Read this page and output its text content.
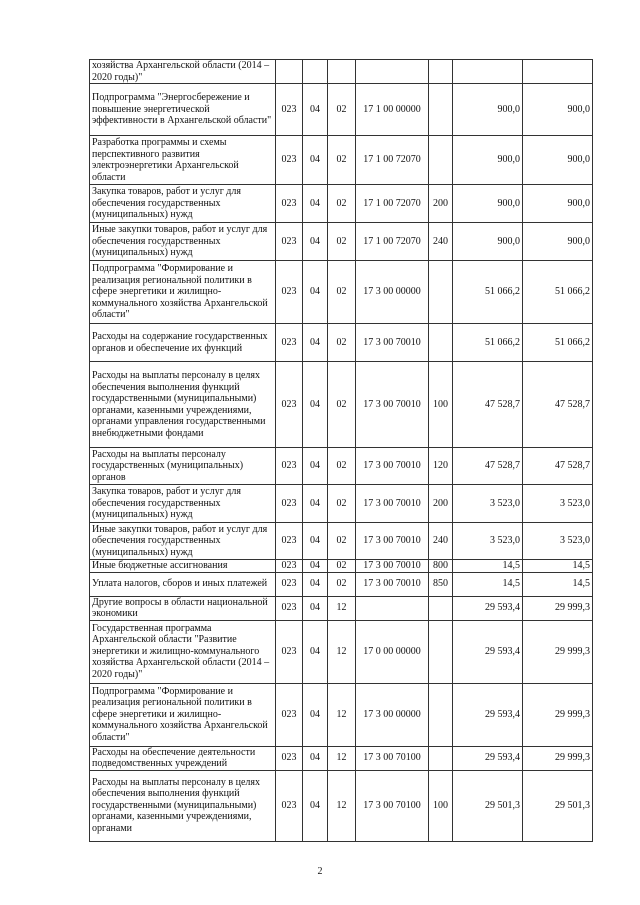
хозяйства Архангельской области (2014 – 2020 годы)"							
Подпрограмма "Энергосбережение и повышение энергетической эффективности в Архангельской области"	023	04	02	17 1 00 00000		900,0	900,0
Разработка программы и схемы перспективного развития электроэнергетики Архангельской области	023	04	02	17 1 00 72070		900,0	900,0
Закупка товаров, работ и услуг для обеспечения государственных (муниципальных) нужд	023	04	02	17 1 00 72070	200	900,0	900,0
Иные закупки товаров, работ и услуг для обеспечения государственных (муниципальных) нужд	023	04	02	17 1 00 72070	240	900,0	900,0
Подпрограмма "Формирование и реализация региональной политики в сфере энергетики и жилищно-коммунального хозяйства Архангельской области"	023	04	02	17 3 00 00000		51 066,2	51 066,2
Расходы на содержание государственных органов и обеспечение их функций	023	04	02	17 3 00 70010		51 066,2	51 066,2
Расходы на выплаты персоналу в целях обеспечения выполнения функций государственными (муниципальными) органами, казенными учреждениями, органами управления государственными внебюджетными фондами	023	04	02	17 3 00 70010	100	47 528,7	47 528,7
Расходы на выплаты персоналу государственных (муниципальных) органов	023	04	02	17 3 00 70010	120	47 528,7	47 528,7
Закупка товаров, работ и услуг для обеспечения государственных (муниципальных) нужд	023	04	02	17 3 00 70010	200	3 523,0	3 523,0
Иные закупки товаров, работ и услуг для обеспечения государственных (муниципальных) нужд	023	04	02	17 3 00 70010	240	3 523,0	3 523,0
Иные бюджетные ассигнования	023	04	02	17 3 00 70010	800	14,5	14,5
Уплата налогов, сборов и иных платежей	023	04	02	17 3 00 70010	850	14,5	14,5
Другие вопросы в области национальной экономики	023	04	12			29 593,4	29 999,3
Государственная программа Архангельской области "Развитие энергетики и жилищно-коммунального хозяйства Архангельской области (2014 – 2020 годы)"	023	04	12	17 0 00 00000		29 593,4	29 999,3
Подпрограмма "Формирование и реализация региональной политики в сфере энергетики и жилищно-коммунального хозяйства Архангельской области"	023	04	12	17 3 00 00000		29 593,4	29 999,3
Расходы на обеспечение деятельности подведомственных учреждений	023	04	12	17 3 00 70100		29 593,4	29 999,3
Расходы на выплаты персоналу в целях обеспечения выполнения функций государственными (муниципальными) органами, казенными учреждениями, органами	023	04	12	17 3 00 70100	100	29 501,3	29 501,3
2
